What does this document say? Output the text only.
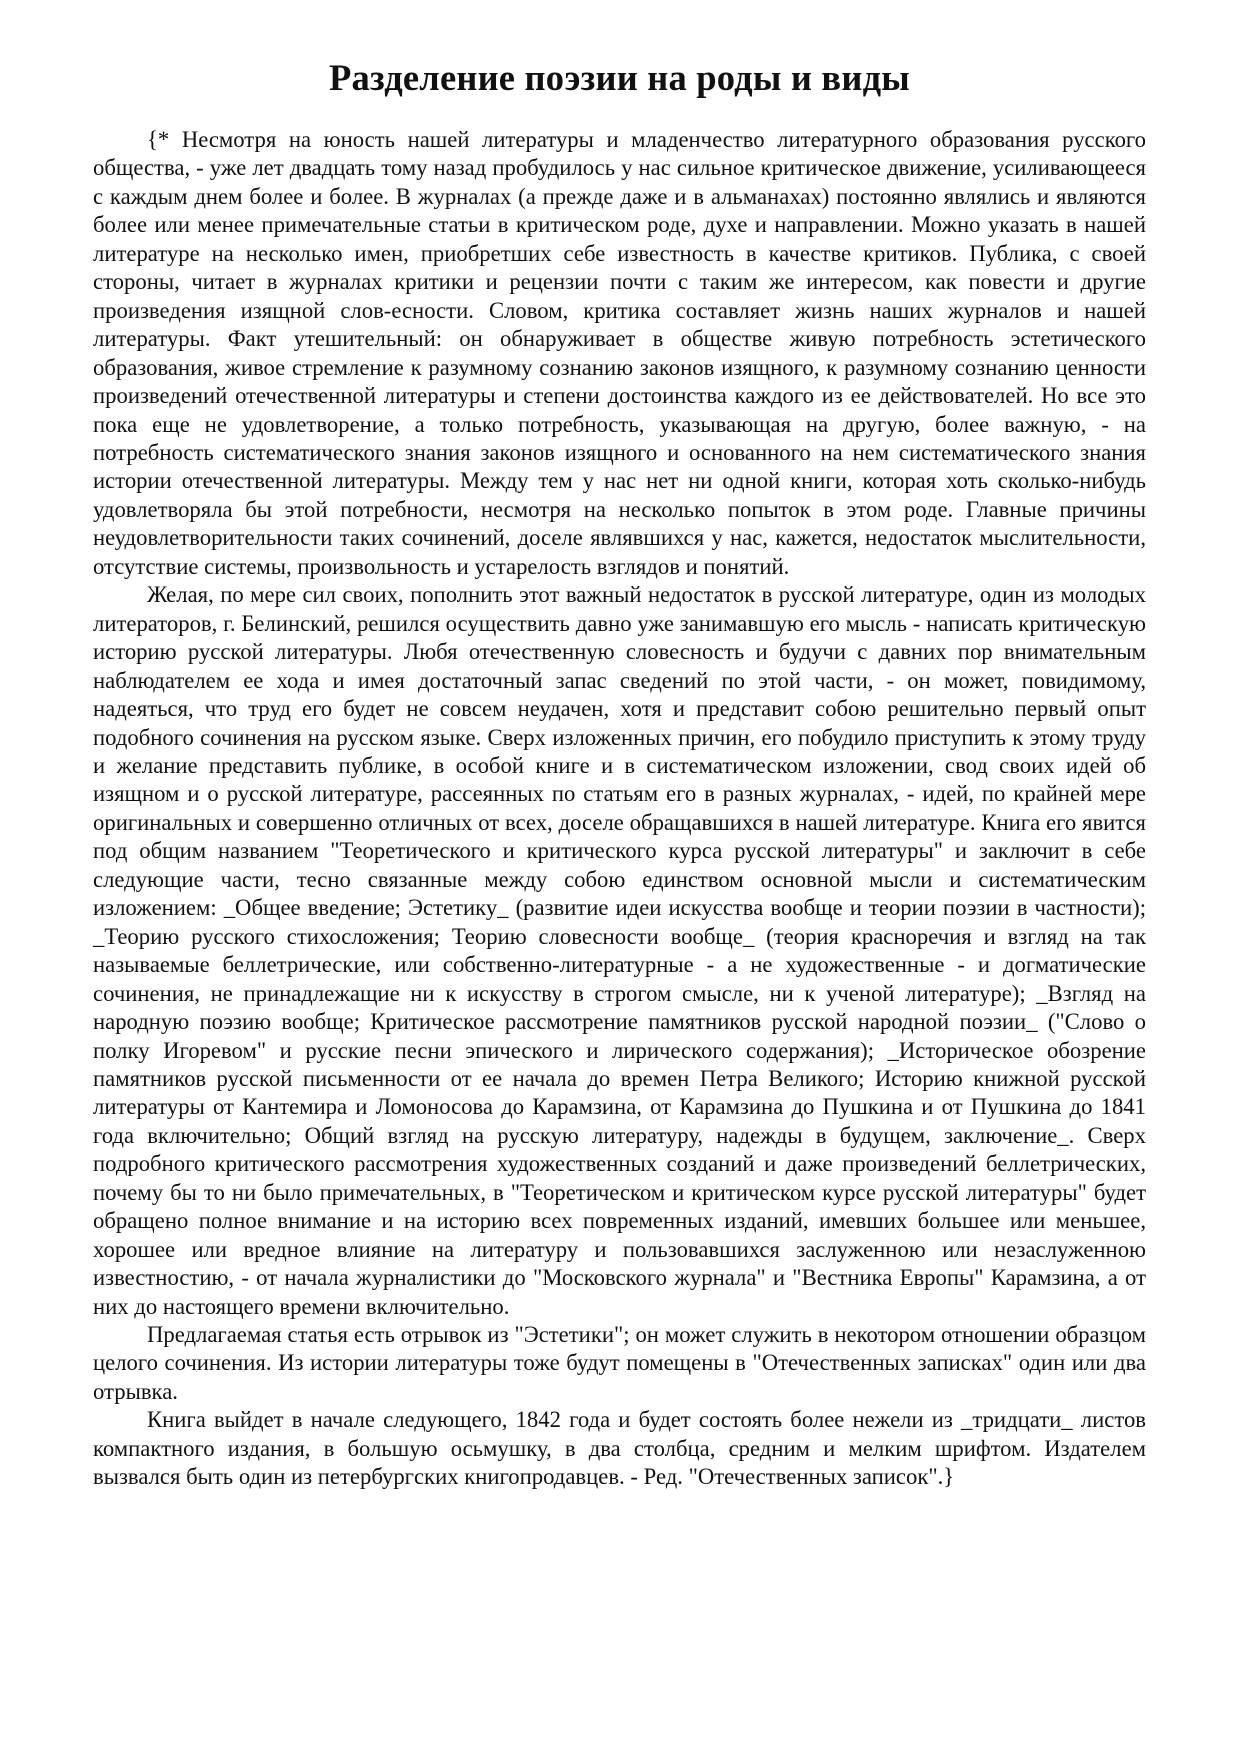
Разделение поэзии на роды и виды

{* Несмотря на юность нашей литературы и младенчество литературного образования русского общества, - уже лет двадцать тому назад пробудилось у нас сильное критическое движение, усиливающееся с каждым днем более и более. В журналах (а прежде даже и в альманахах) постоянно являлись и являются более или менее примечательные статьи в критическом роде, духе и направлении. Можно указать в нашей литературе на несколько имен, приобретших себе известность в качестве критиков. Публика, с своей стороны, читает в журналах критики и рецензии почти с таким же интересом, как повести и другие произведения изящной слов-есности. Словом, критика составляет жизнь наших журналов и нашей литературы. Факт утешительный: он обнаруживает в обществе живую потребность эстетического образования, живое стремление к разумному сознанию законов изящного, к разумному сознанию ценности произведений отечественной литературы и степени достоинства каждого из ее действователей. Но все это пока еще не удовлетворение, а только потребность, указывающая на другую, более важную, - на потребность систематического знания законов изящного и основанного на нем систематического знания истории отечественной литературы. Между тем у нас нет ни одной книги, которая хоть сколько-нибудь удовлетворяла бы этой потребности, несмотря на несколько попыток в этом роде. Главные причины неудовлетворительности таких сочинений, доселе являвшихся у нас, кажется, недостаток мыслительности, отсутствие системы, произвольность и устарелость взглядов и понятий.

Желая, по мере сил своих, пополнить этот важный недостаток в русской литературе, один из молодых литераторов, г. Белинский, решился осуществить давно уже занимавшую его мысль - написать критическую историю русской литературы. Любя отечественную словесность и будучи с давних пор внимательным наблюдателем ее хода и имея достаточный запас сведений по этой части, - он может, повидимому, надеяться, что труд его будет не совсем неудачен, хотя и представит собою решительно первый опыт подобного сочинения на русском языке. Сверх изложенных причин, его побудило приступить к этому труду и желание представить публике, в особой книге и в систематическом изложении, свод своих идей об изящном и о русской литературе, рассеянных по статьям его в разных журналах, - идей, по крайней мере оригинальных и совершенно отличных от всех, доселе обращавшихся в нашей литературе. Книга его явится под общим названием "Теоретического и критического курса русской литературы" и заключит в себе следующие части, тесно связанные между собою единством основной мысли и систематическим изложением: _Общее введение; Эстетику_ (развитие идеи искусства вообще и теории поэзии в частности); _Теорию русского стихосложения; Теорию словесности вообще_ (теория красноречия и взгляд на так называемые беллетрические, или собственно-литературные - а не художественные - и догматические сочинения, не принадлежащие ни к искусству в строгом смысле, ни к ученой литературе); _Взгляд на народную поэзию вообще; Критическое рассмотрение памятников русской народной поэзии_ ("Слово о полку Игоревом" и русские песни эпического и лирического содержания); _Историческое обозрение памятников русской письменности от ее начала до времен Петра Великого; Историю книжной русской литературы от Кантемира и Ломоносова до Карамзина, от Карамзина до Пушкина и от Пушкина до 1841 года включительно; Общий взгляд на русскую литературу, надежды в будущем, заключение_. Сверх подробного критического рассмотрения художественных созданий и даже произведений беллетрических, почему бы то ни было примечательных, в "Теоретическом и критическом курсе русской литературы" будет обращено полное внимание и на историю всех повременных изданий, имевших большее или меньшее, хорошее или вредное влияние на литературу и пользовавшихся заслуженною или незаслуженною известностию, - от начала журналистики до "Московского журнала" и "Вестника Европы" Карамзина, а от них до настоящего времени включительно.

Предлагаемая статья есть отрывок из "Эстетики"; он может служить в некотором отношении образцом целого сочинения. Из истории литературы тоже будут помещены в "Отечественных записках" один или два отрывка.

Книга выйдет в начале следующего, 1842 года и будет состоять более нежели из _тридцати_ листов компактного издания, в большую осьмушку, в два столбца, средним и мелким шрифтом. Издателем вызвался быть один из петербургских книгопродавцев. - Ред. "Отечественных записок".}
